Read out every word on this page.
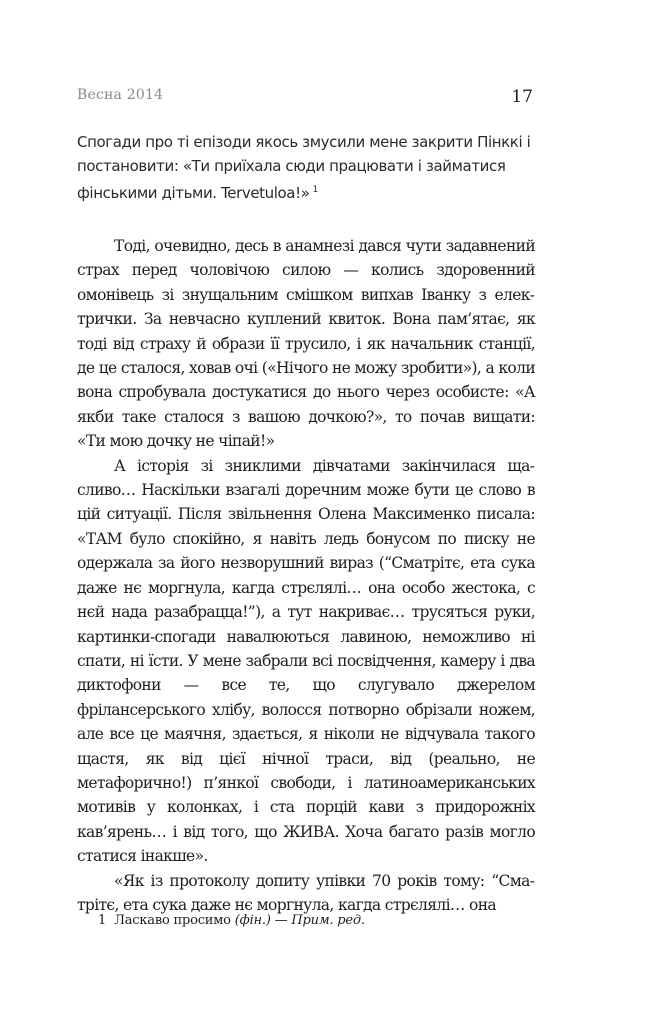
Весна 2014	17
Спогади про ті епізоди якось змусили мене закрити Пінккі і постановити: «Ти приїхала сюди працювати і займатися фінськими дітьми. Tervetuloa!» $^1$

Тоді, очевидно, десь в анамнезі дався чути задавнений страх перед чоловічою силою — колись здоровенний омонівець зі знущальним смішком випхав Іванку з електрички. За невчасно куплений квиток. Вона пам’ятає, як тоді від страху й образи її трусило, і як начальник станції, де це сталося, ховав очі («Нічого не можу зробити»), а коли вона спробувала достукатися до нього через особисте: «А якби таке сталося з вашою дочкою?», то почав вищати: «Ти мою дочку не чіпай!»

А історія зі зниклими дівчатами закінчилася щасливо… Наскільки взагалі доречним може бути це слово в цій ситуації. Після звільнення Олена Максименко писала: «ТАМ було спокійно, я навіть ледь бонусом по писку не одержала за його незворушний вираз (“Сматрітє, ета сука даже нє моргнула, кагда стрєлялі… она особо жестока, с нєй нада разабрацца!”), а тут накриває… трусяться руки, картинки-спогади навалюються лавиною, неможливо ні спати, ні їсти. У мене забрали всі посвідчення, камеру і два диктофони — все те, що слугувало джерелом фрілансерського хлібу, волосся потворно обрізали ножем, але все це маячня, здається, я ніколи не відчувала такого щастя, як від цієї нічної траси, від (реально, не метафорично!) п’янкої свободи, і латиноамериканських мотивів у колонках, і ста порцій кави з придорожніх кав’ярень… і від того, що ЖИВА. Хоча багато разів могло статися інакше».

«Як із протоколу допиту упівки 70 років тому: “Сматрітє, ета сука даже нє моргнула, кагда стрєлялі… она

1 Ласкаво просимо (фін.) — Прим. ред.
